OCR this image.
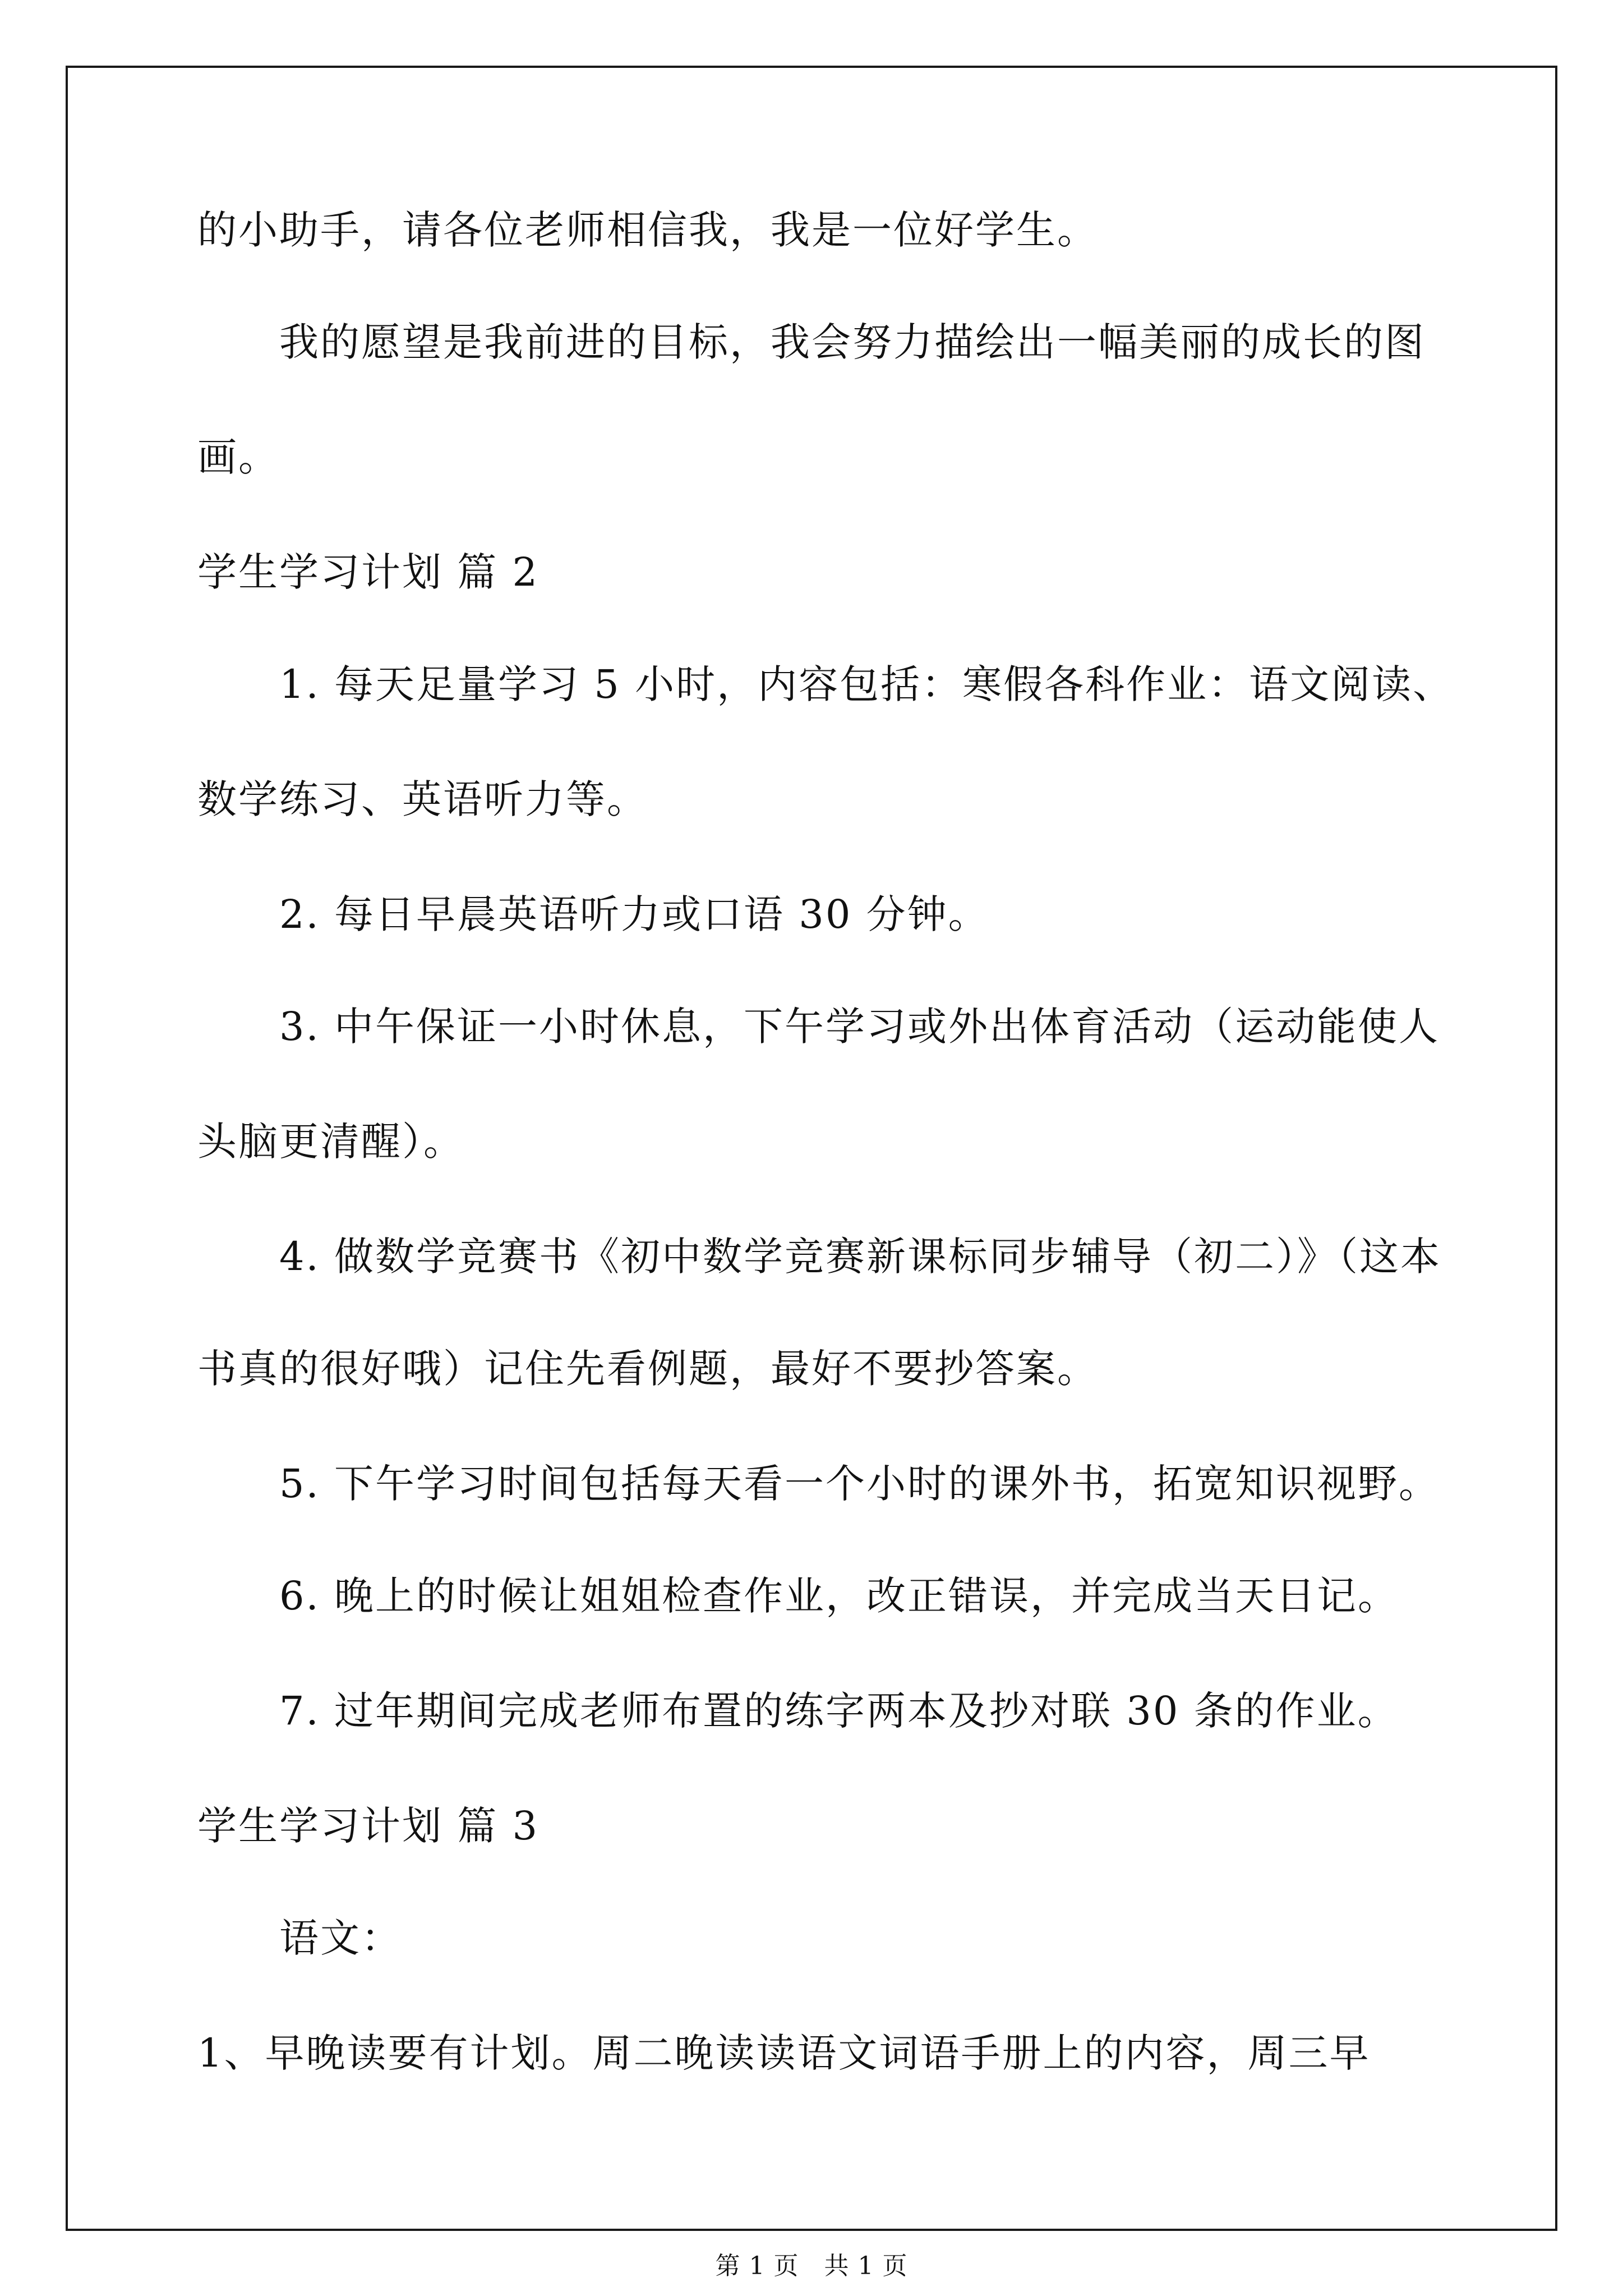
的小助手，请各位老师相信我，我是一位好学生。
我的愿望是我前进的目标，我会努力描绘出一幅美丽的成长的图
画。
学生学习计划 篇 2
1. 每天足量学习 5 小时，内容包括：寒假各科作业：语文阅读、
数学练习、英语听力等。
2. 每日早晨英语听力或口语 30 分钟。
3. 中午保证一小时休息，下午学习或外出体育活动（运动能使人
头脑更清醒）。
4. 做数学竞赛书《初中数学竞赛新课标同步辅导（初二）》（这本
书真的很好哦）记住先看例题，最好不要抄答案。
5. 下午学习时间包括每天看一个小时的课外书，拓宽知识视野。
6. 晚上的时候让姐姐检查作业，改正错误，并完成当天日记。
7. 过年期间完成老师布置的练字两本及抄对联 30 条的作业。
学生学习计划 篇 3
语文：
1、早晚读要有计划。周二晚读读语文词语手册上的内容，周三早
第 1 页　共 1 页
